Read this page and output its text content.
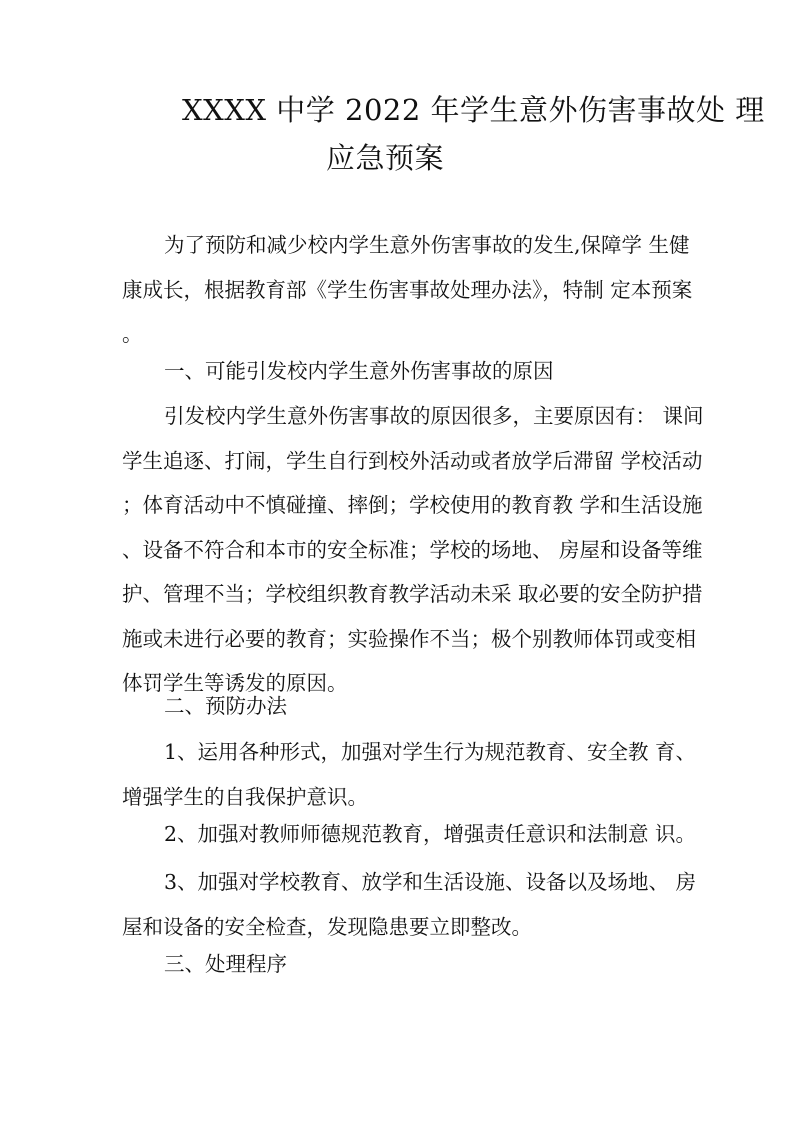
XXXX 中学 2022 年学生意外伤害事故处 理
应急预案
为了预防和减少校内学生意外伤害事故的发生,保障学 生健
康成长，根据教育部《学生伤害事故处理办法》，特制 定本预案
。
一、可能引发校内学生意外伤害事故的原因
引发校内学生意外伤害事故的原因很多，主要原因有： 课间
学生追逐、打闹，学生自行到校外活动或者放学后滞留 学校活动
；体育活动中不慎碰撞、摔倒；学校使用的教育教 学和生活设施
、设备不符合和本市的安全标准；学校的场地、 房屋和设备等维
护、管理不当；学校组织教育教学活动未采 取必要的安全防护措
施或未进行必要的教育；实验操作不当；极个别教师体罚或变相
体罚学生等诱发的原因。
二、预防办法
1、运用各种形式，加强对学生行为规范教育、安全教 育、
增强学生的自我保护意识。
2、加强对教师师德规范教育，增强责任意识和法制意 识。
3、加强对学校教育、放学和生活设施、设备以及场地、 房
屋和设备的安全检查，发现隐患要立即整改。
三、处理程序
